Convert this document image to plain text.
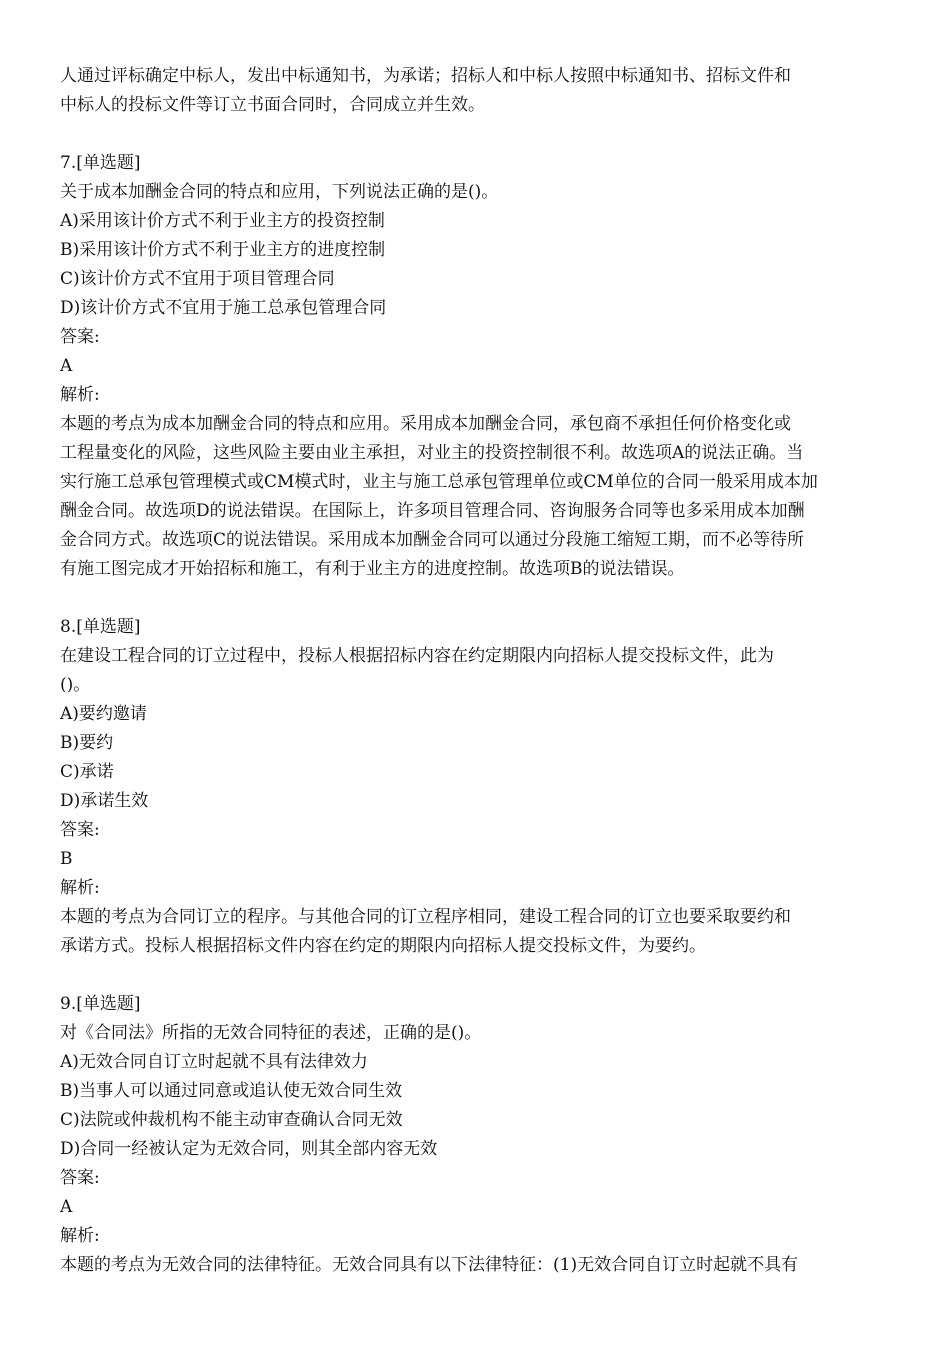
人通过评标确定中标人，发出中标通知书，为承诺；招标人和中标人按照中标通知书、招标文件和
中标人的投标文件等订立书面合同时，合同成立并生效。
7.[单选题]
关于成本加酬金合同的特点和应用，下列说法正确的是()。
A)采用该计价方式不利于业主方的投资控制
B)采用该计价方式不利于业主方的进度控制
C)该计价方式不宜用于项目管理合同
D)该计价方式不宜用于施工总承包管理合同
答案:
A
解析:
本题的考点为成本加酬金合同的特点和应用。采用成本加酬金合同，承包商不承担任何价格变化或
工程量变化的风险，这些风险主要由业主承担，对业主的投资控制很不利。故选项A的说法正确。当
实行施工总承包管理模式或CM模式时，业主与施工总承包管理单位或CM单位的合同一般采用成本加
酬金合同。故选项D的说法错误。在国际上，许多项目管理合同、咨询服务合同等也多采用成本加酬
金合同方式。故选项C的说法错误。采用成本加酬金合同可以通过分段施工缩短工期，而不必等待所
有施工图完成才开始招标和施工，有利于业主方的进度控制。故选项B的说法错误。
8.[单选题]
在建设工程合同的订立过程中，投标人根据招标内容在约定期限内向招标人提交投标文件，此为
()。
A)要约邀请
B)要约
C)承诺
D)承诺生效
答案:
B
解析:
本题的考点为合同订立的程序。与其他合同的订立程序相同，建设工程合同的订立也要采取要约和
承诺方式。投标人根据招标文件内容在约定的期限内向招标人提交投标文件，为要约。
9.[单选题]
对《合同法》所指的无效合同特征的表述，正确的是()。
A)无效合同自订立时起就不具有法律效力
B)当事人可以通过同意或追认使无效合同生效
C)法院或仲裁机构不能主动审查确认合同无效
D)合同一经被认定为无效合同，则其全部内容无效
答案:
A
解析:
本题的考点为无效合同的法律特征。无效合同具有以下法律特征：(1)无效合同自订立时起就不具有
